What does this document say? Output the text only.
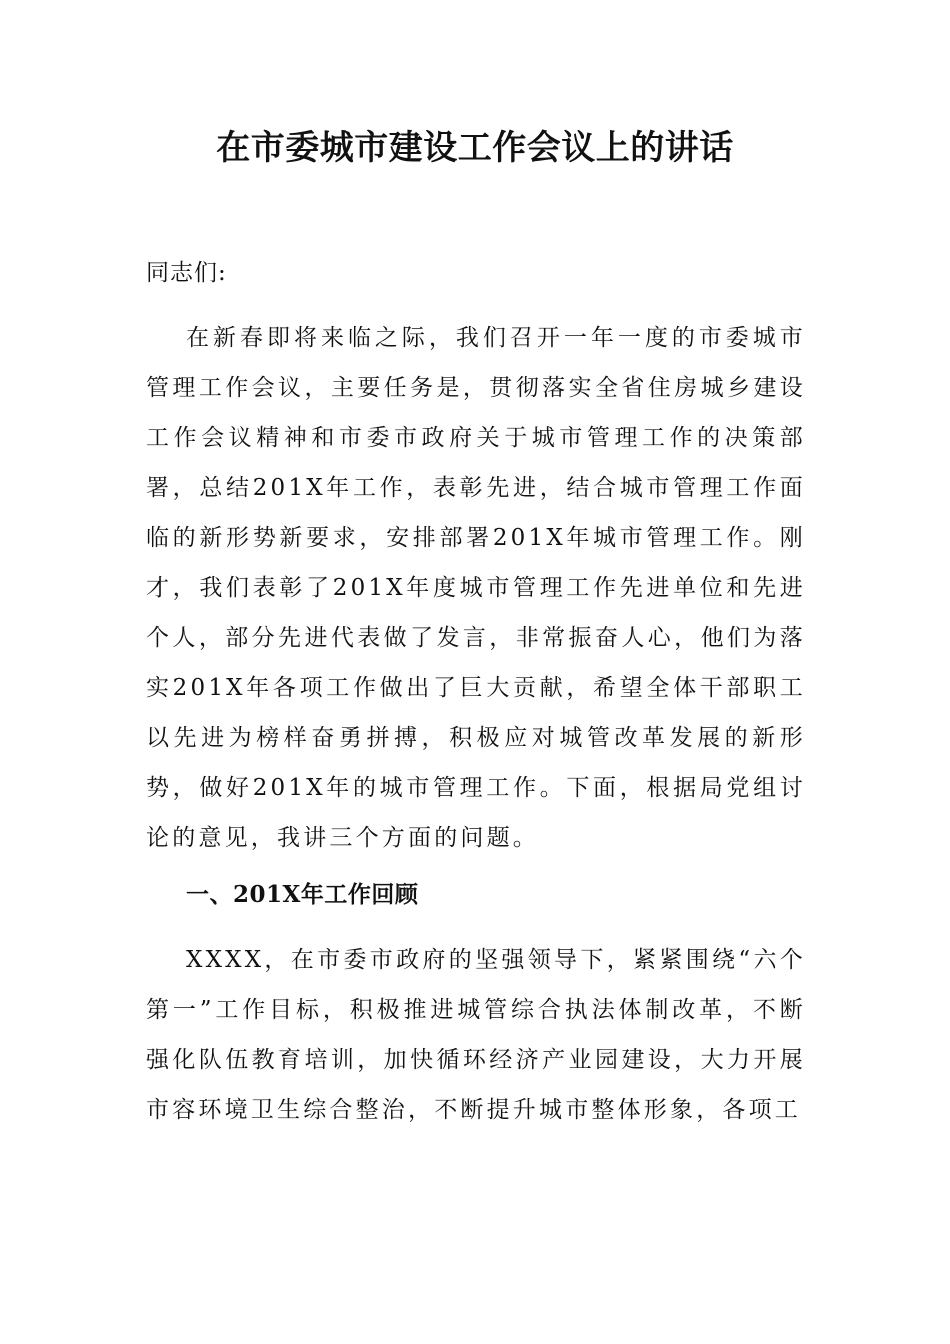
在市委城市建设工作会议上的讲话

同志们:

在新春即将来临之际，我们召开一年一度的市委城市管理工作会议，主要任务是，贯彻落实全省住房城乡建设工作会议精神和市委市政府关于城市管理工作的决策部署，总结201X年工作，表彰先进，结合城市管理工作面临的新形势新要求，安排部署201X年城市管理工作。刚才，我们表彰了201X年度城市管理工作先进单位和先进个人，部分先进代表做了发言，非常振奋人心，他们为落实201X年各项工作做出了巨大贡献，希望全体干部职工以先进为榜样奋勇拼搏，积极应对城管改革发展的新形势，做好201X年的城市管理工作。下面，根据局党组讨论的意见，我讲三个方面的问题。

一、201X年工作回顾

XXXX，在市委市政府的坚强领导下，紧紧围绕“六个第一”工作目标，积极推进城管综合执法体制改革，不断强化队伍教育培训，加快循环经济产业园建设，大力开展市容环境卫生综合整治，不断提升城市整体形象，各项工
